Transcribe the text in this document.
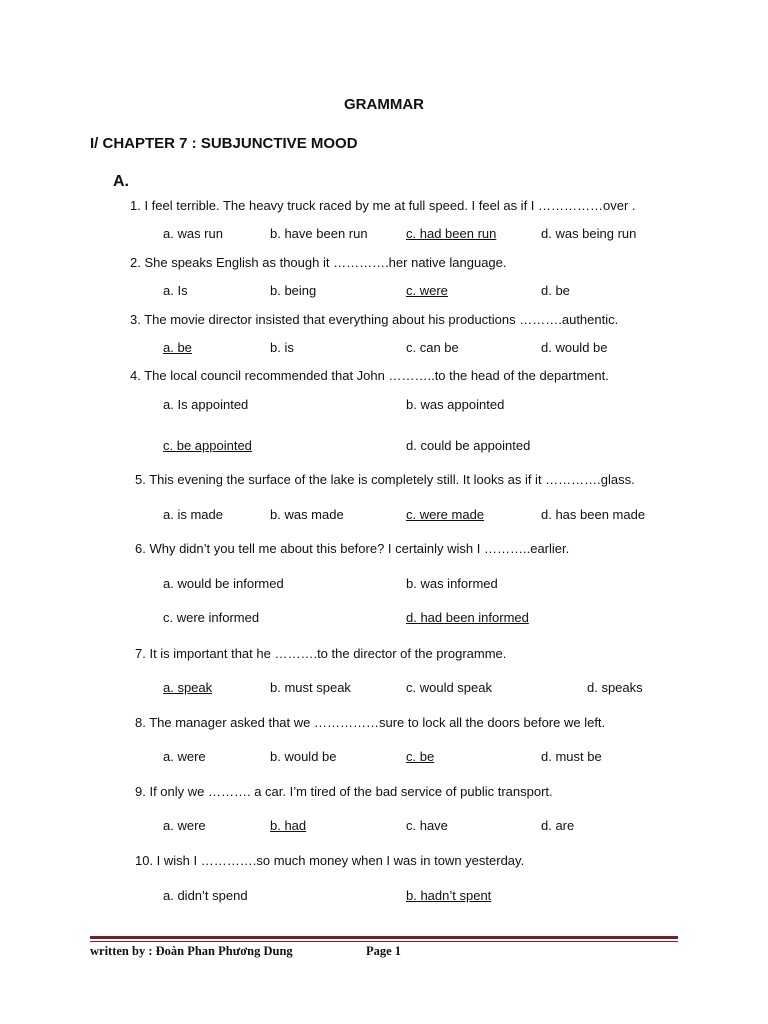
GRAMMAR
I/ CHAPTER 7 : SUBJUNCTIVE MOOD
A.
1. I feel terrible. The heavy truck raced by me at full speed. I feel as if I ……………over .
a. was run	b. have been run	c. had been run	d. was being run
2. She speaks English as though it ………….her native language.
a. Is	b. being	c. were	d. be
3. The movie director insisted that everything about his productions ……….authentic.
a. be	b. is	c. can be	d. would be
4. The local council recommended that John ………..to the head of the department.
a. Is appointed	b. was appointed
c. be appointed	d. could be appointed
5. This evening the surface of the lake is completely still. It looks as if it ………….glass.
a. is made	b. was made	c. were made	d. has been made
6. Why didn’t you tell me about this before? I certainly wish I ………..earlier.
a. would be informed	b. was informed
c. were informed	d. had been informed
7. It is important that he ……….to the director of the programme.
a. speak	b. must speak	c. would speak	d. speaks
8. The manager asked that we ……………sure to lock all the doors before we left.
a. were	b. would be	c. be	d. must be
9. If only we ………. a car. I’m tired of the bad service of public transport.
a. were	b. had	c. have	d. are
10. I wish I ………….so much money when I was in town yesterday.
a. didn’t spend	b. hadn’t spent
written by : Đoàn Phan Phương Dung	Page 1
